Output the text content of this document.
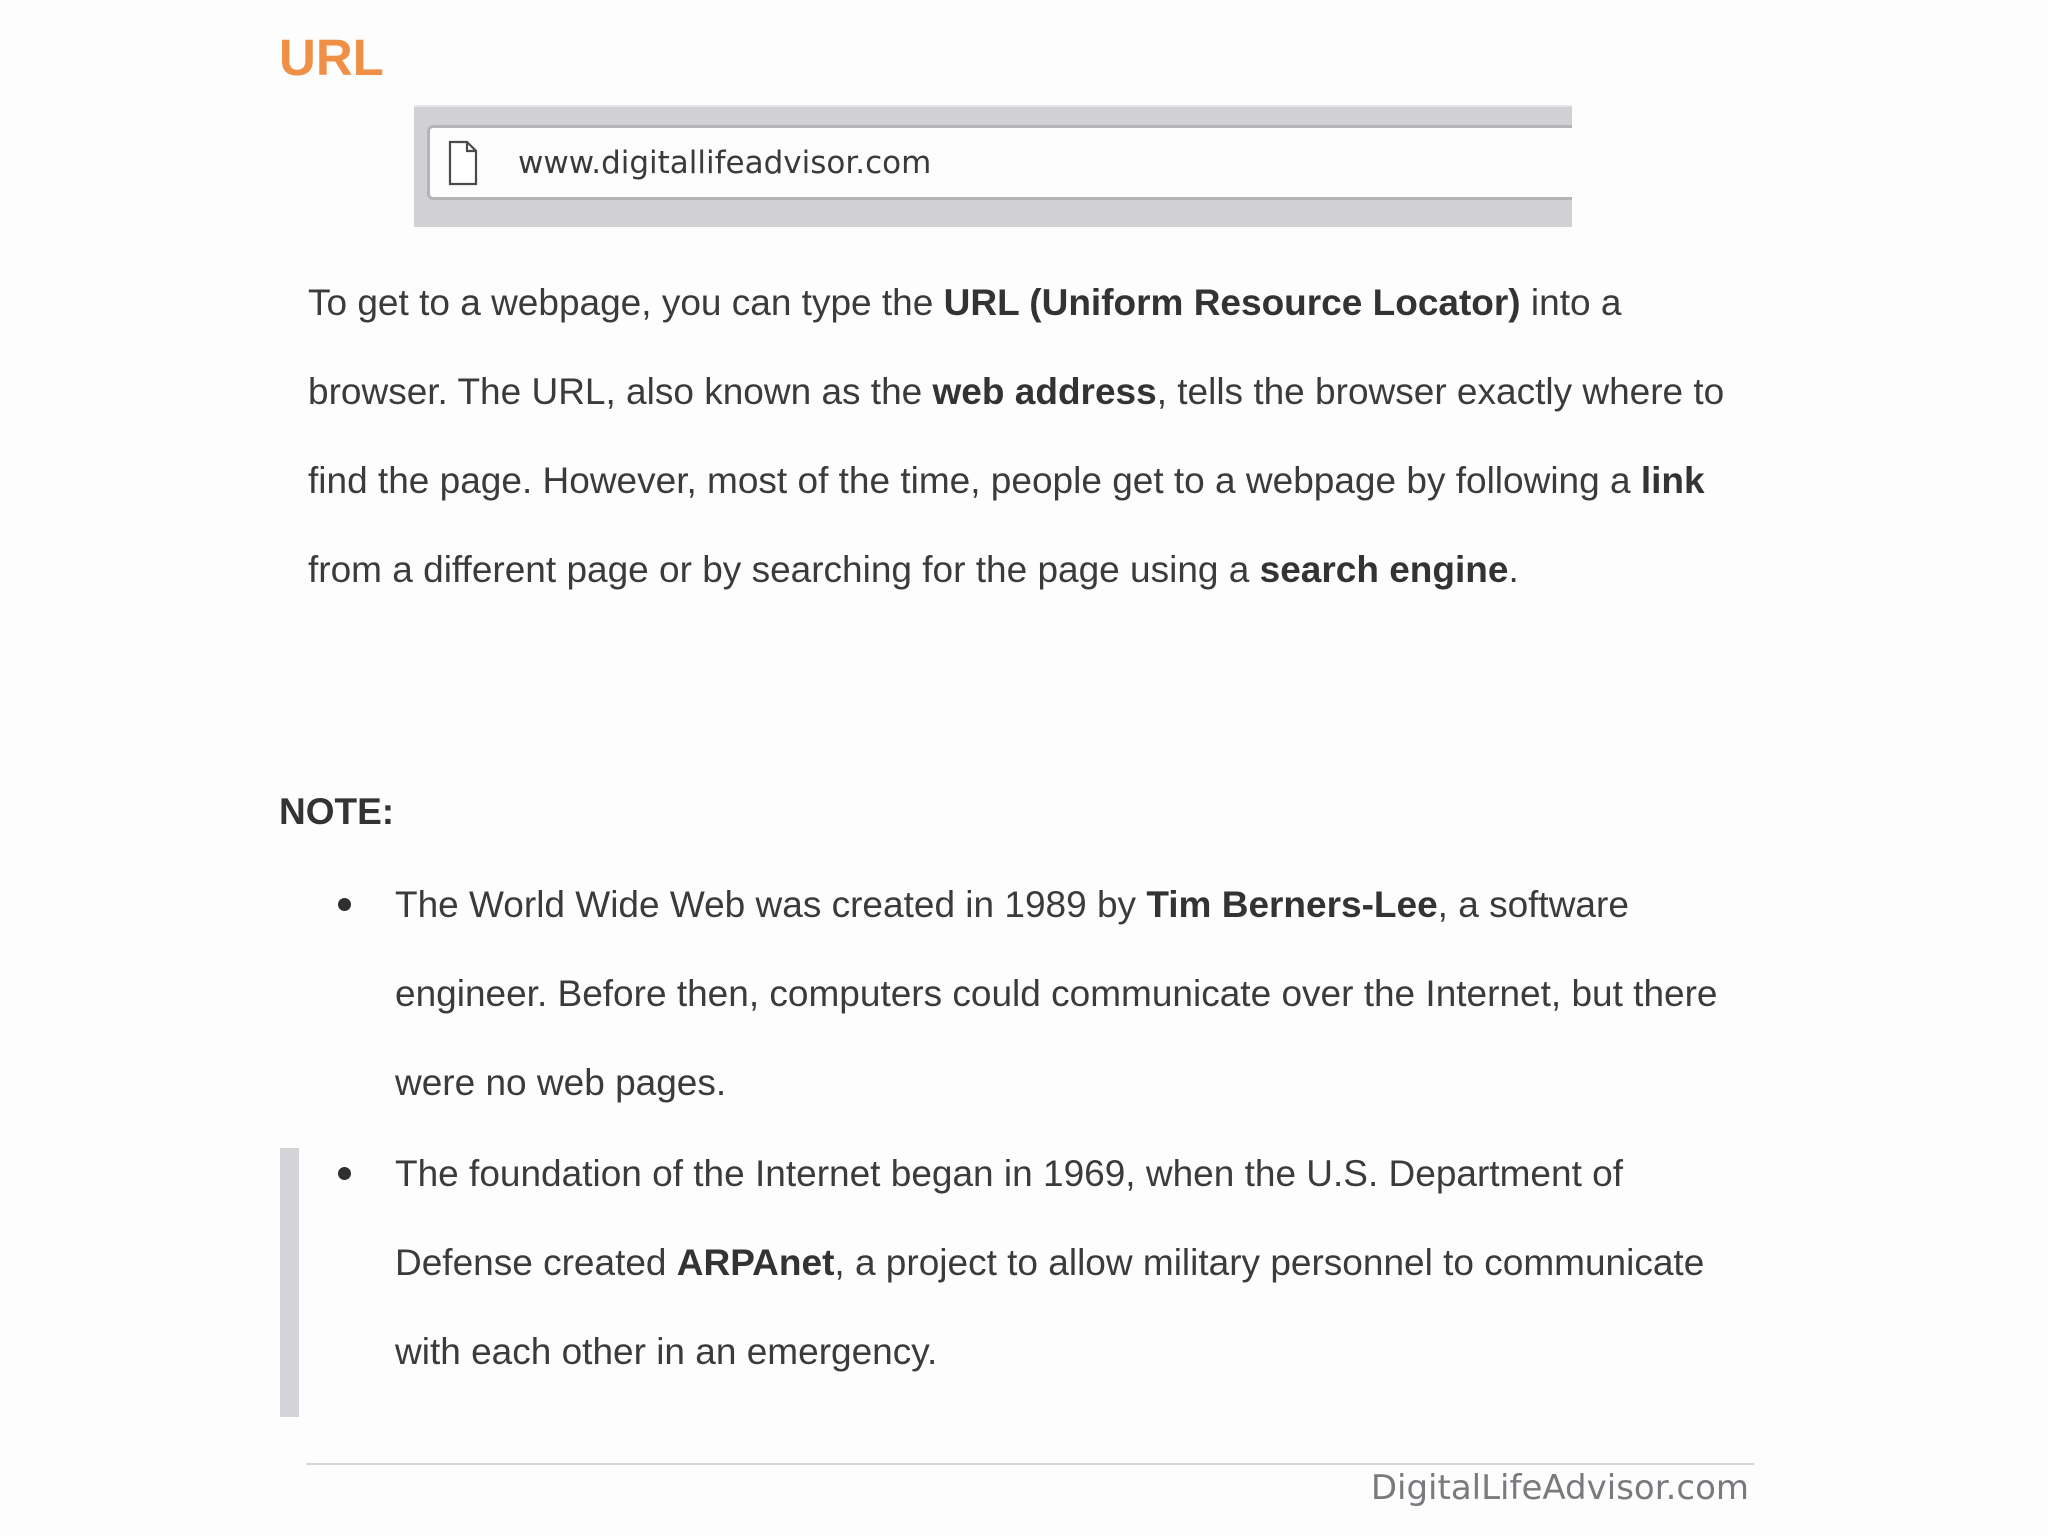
URL
www.digitallifeadvisor.com

To get to a webpage, you can type the URL (Uniform Resource Locator) into a browser. The URL, also known as the web address, tells the browser exactly where to find the page. However, most of the time, people get to a webpage by following a link from a different page or by searching for the page using a search engine.

NOTE:

The World Wide Web was created in 1989 by Tim Berners-Lee, a software engineer. Before then, computers could communicate over the Internet, but there were no web pages.
The foundation of the Internet began in 1969, when the U.S. Department of Defense created ARPAnet, a project to allow military personnel to communicate with each other in an emergency.
DigitalLifeAdvisor.com
